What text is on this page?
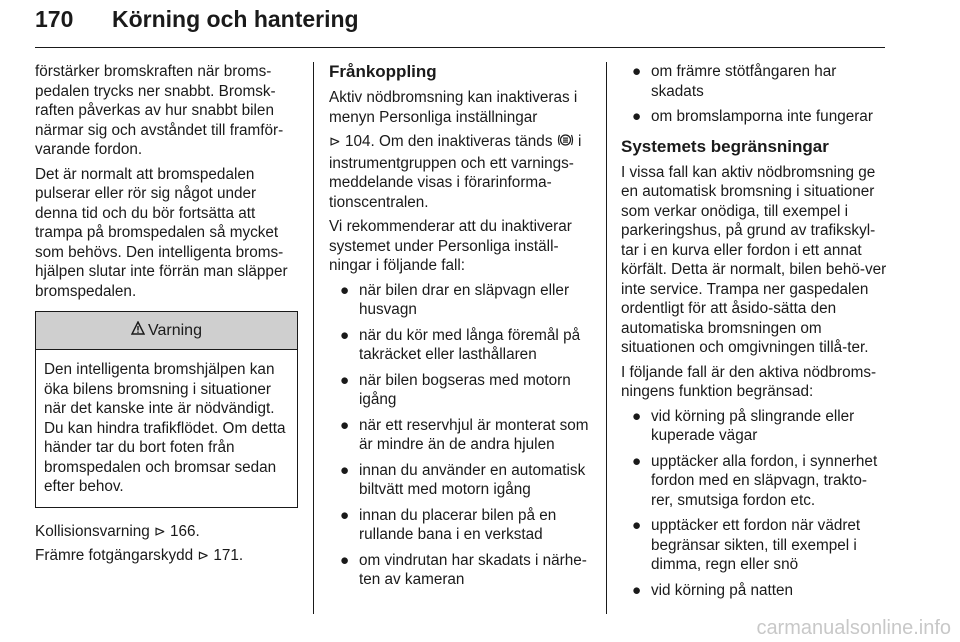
170 Körning och hantering

förstärker bromskraften när broms-pedalen trycks ner snabbt. Bromsk-raften påverkas av hur snabbt bilen närmar sig och avståndet till framför-varande fordon.

Det är normalt att bromspedalen pulserar eller rör sig något under denna tid och du bör fortsätta att trampa på bromspedalen så mycket som behövs. Den intelligenta broms-hjälpen slutar inte förrän man släpper bromspedalen.

Varning
Den intelligenta bromshjälpen kan öka bilens bromsning i situationer när det kanske inte är nödvändigt. Du kan hindra trafikflödet. Om detta händer tar du bort foten från bromspedalen och bromsar sedan efter behov.

Kollisionsvarning ⊳ 166.

Främre fotgängarskydd ⊳ 171.

Frånkoppling

Aktiv nödbromsning kan inaktiveras i menyn Personliga inställningar

⊳ 104. Om den inaktiveras tänds i instrumentgruppen och ett varnings-meddelande visas i förarinforma-tionscentralen.

Vi rekommenderar att du inaktiverar systemet under Personliga inställ-ningar i följande fall:

● när bilen drar en släpvagn eller husvagn
● när du kör med långa föremål på takräcket eller lasthållaren
● när bilen bogseras med motorn igång
● när ett reservhjul är monterat som är mindre än de andra hjulen
● innan du använder en automatisk biltvätt med motorn igång
● innan du placerar bilen på en rullande bana i en verkstad
● om vindrutan har skadats i närhe-ten av kameran
● om främre stötfångaren har skadats
● om bromslamporna inte fungerar
Systemets begränsningar

I vissa fall kan aktiv nödbromsning ge en automatisk bromsning i situationer som verkar onödiga, till exempel i parkeringshus, på grund av trafikskyl-tar i en kurva eller fordon i ett annat körfält. Detta är normalt, bilen behö-ver inte service. Trampa ner gaspedalen ordentligt för att åsido-sätta den automatiska bromsningen om situationen och omgivningen tillå-ter.

I följande fall är den aktiva nödbroms-ningens funktion begränsad:

● vid körning på slingrande eller kuperade vägar
● upptäcker alla fordon, i synnerhet fordon med en släpvagn, trakto-rer, smutsiga fordon etc.
● upptäcker ett fordon när vädret begränsar sikten, till exempel i dimma, regn eller snö
● vid körning på natten
carmanualsonline.info
